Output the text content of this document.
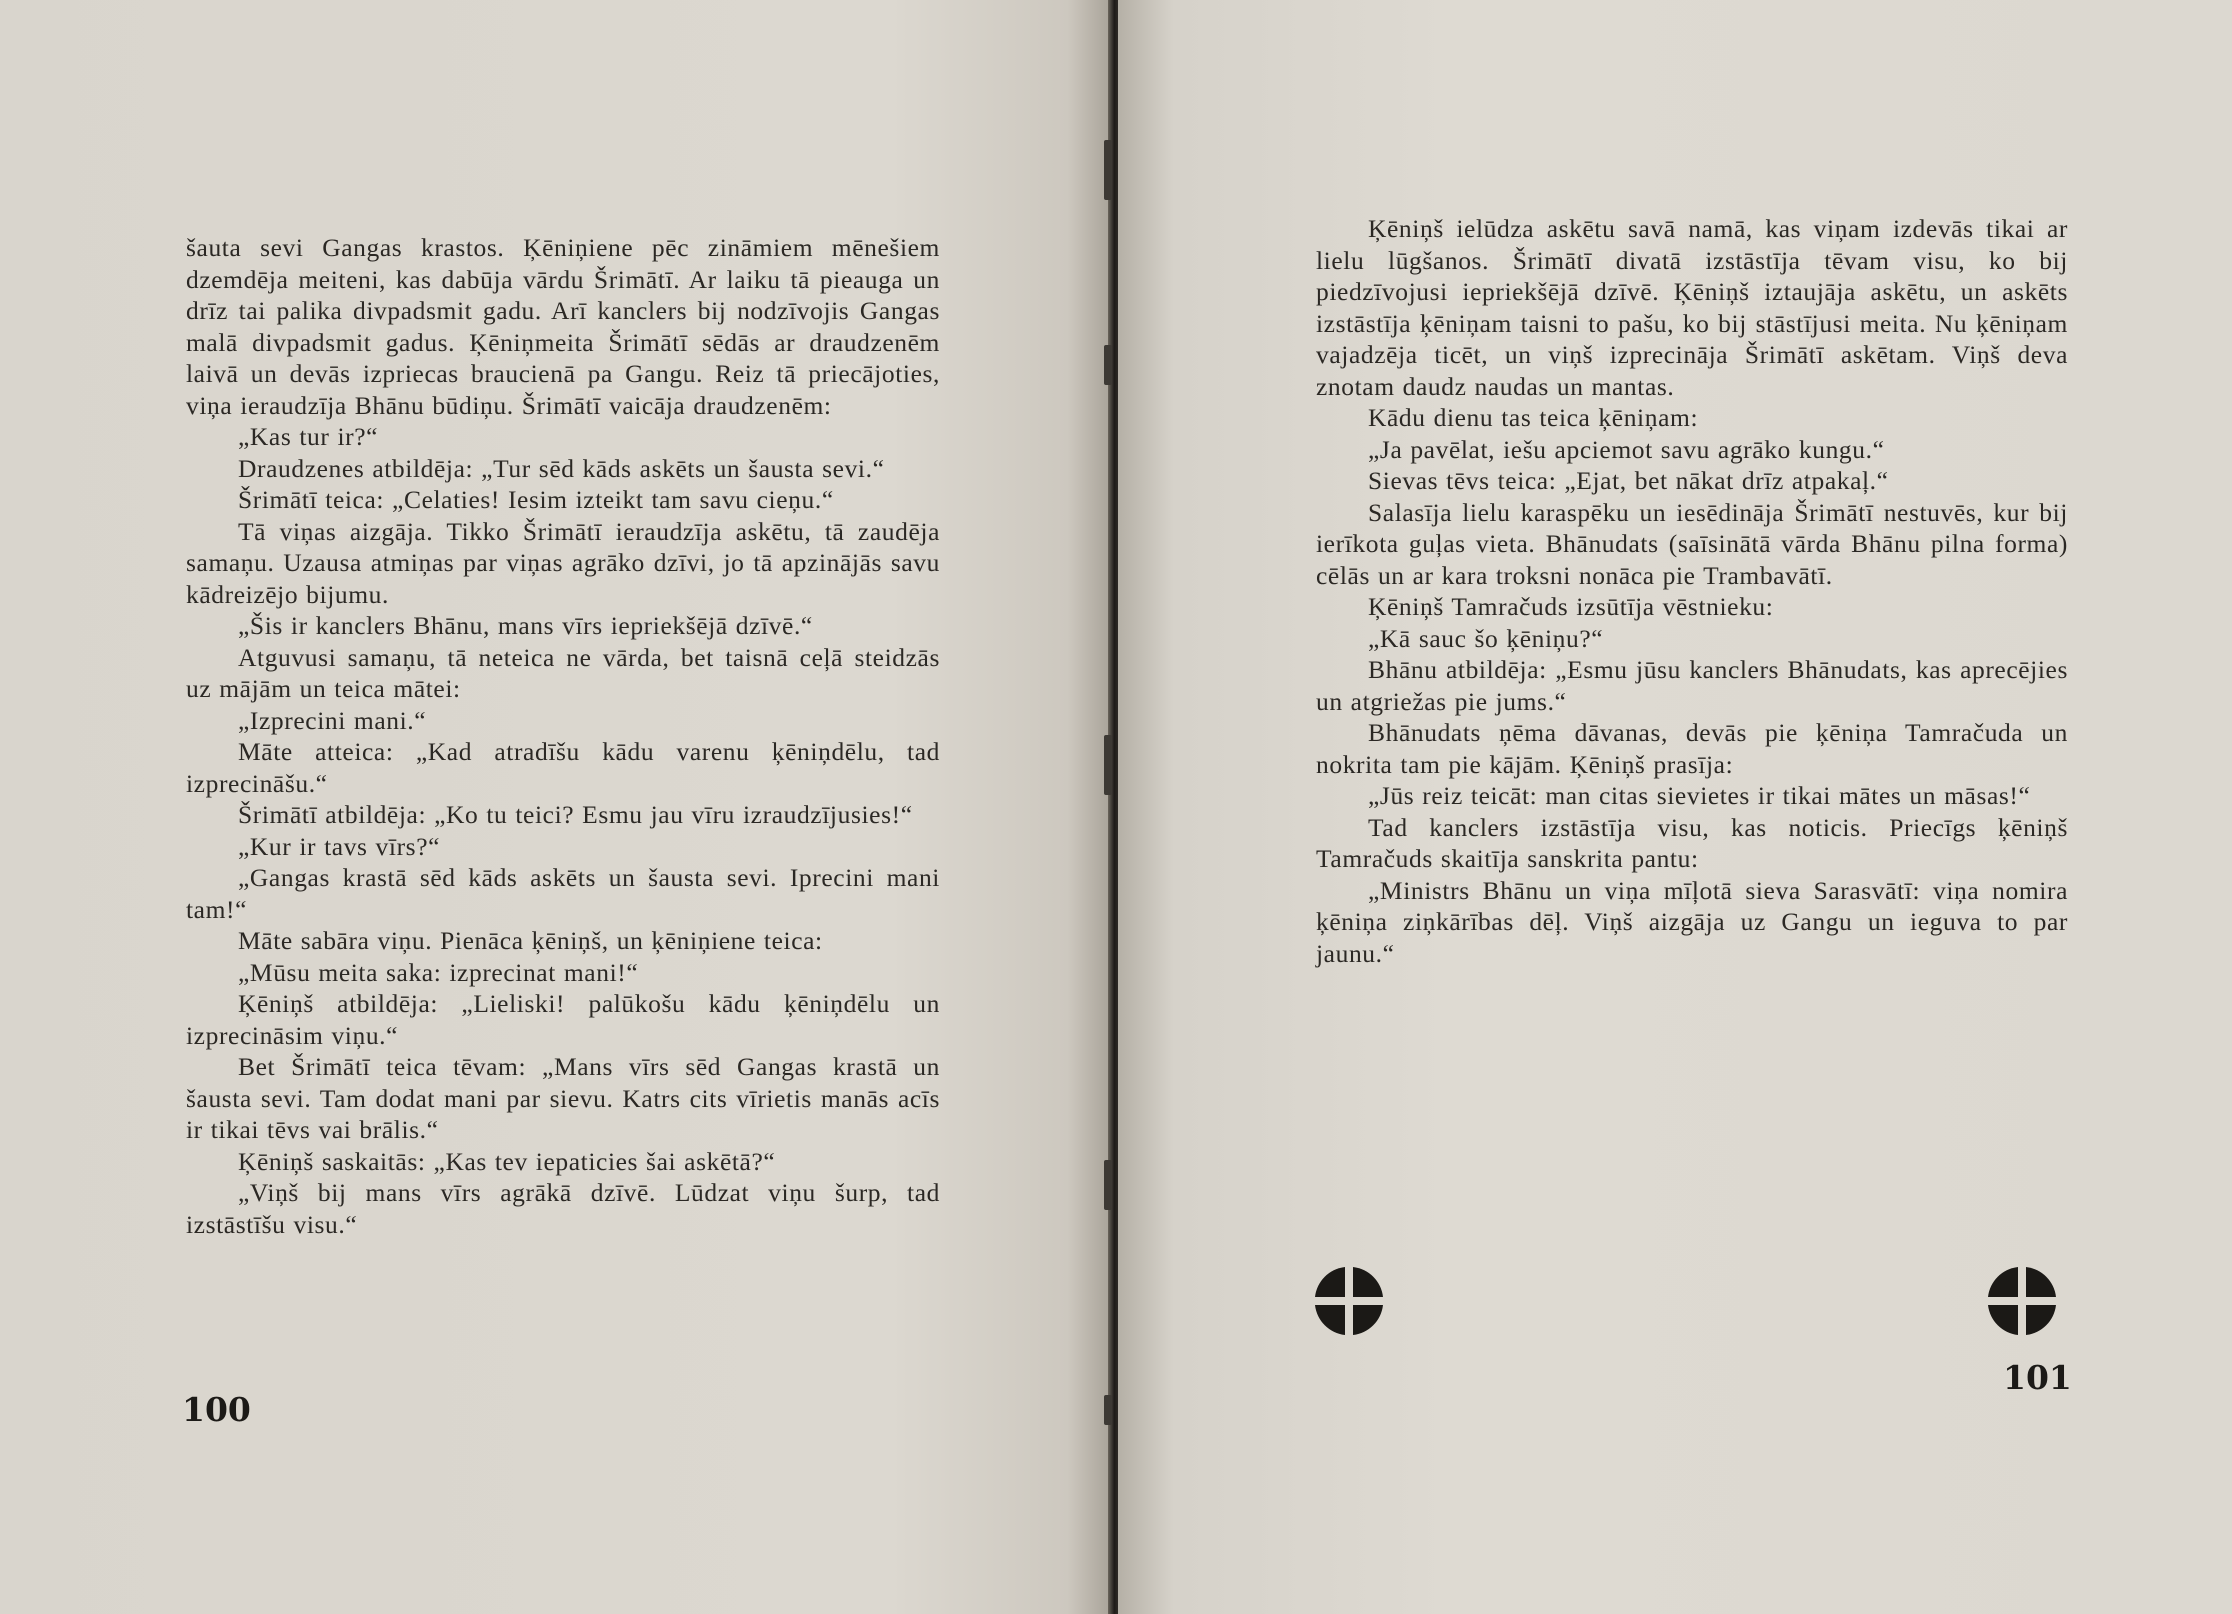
šauta sevi Gangas krastos. Ķēniņiene pēc zināmiem mēnešiem dzemdēja meiteni, kas dabūja vārdu Šrimātī. Ar laiku tā pieauga un drīz tai palika divpadsmit gadu. Arī kanclers bij nodzīvojis Gangas malā divpadsmit gadus. Ķēniņmeita Šrimātī sēdās ar draudzenēm laivā un devās izpriecas braucienā pa Gangu. Reiz tā priecājoties, viņa ieraudzīja Bhānu būdiņu. Šrimātī vaicāja draudzenēm:

„Kas tur ir?“

Draudzenes atbildēja: „Tur sēd kāds askēts un šausta sevi.“

Šrimātī teica: „Celaties! Iesim izteikt tam savu cieņu.“

Tā viņas aizgāja. Tikko Šrimātī ieraudzīja askētu, tā zaudēja samaņu. Uzausa atmiņas par viņas agrāko dzīvi, jo tā apzinājās savu kādreizējo bijumu.

„Šis ir kanclers Bhānu, mans vīrs iepriekšējā dzīvē.“

Atguvusi samaņu, tā neteica ne vārda, bet taisnā ceļā steidzās uz mājām un teica mātei:

„Izprecini mani.“

Māte atteica: „Kad atradīšu kādu varenu ķēniņdēlu, tad izprecināšu.“

Šrimātī atbildēja: „Ko tu teici? Esmu jau vīru izraudzījusies!“

„Kur ir tavs vīrs?“

„Gangas krastā sēd kāds askēts un šausta sevi. Iprecini mani tam!“

Māte sabāra viņu. Pienāca ķēniņš, un ķēniņiene teica:

„Mūsu meita saka: izprecinat mani!“

Ķēniņš atbildēja: „Lieliski! palūkošu kādu ķēniņdēlu un izprecināsim viņu.“

Bet Šrimātī teica tēvam: „Mans vīrs sēd Gangas krastā un šausta sevi. Tam dodat mani par sievu. Katrs cits vīrietis manās acīs ir tikai tēvs vai brālis.“

Ķēniņš saskaitās: „Kas tev iepaticies šai askētā?“

„Viņš bij mans vīrs agrākā dzīvē. Lūdzat viņu šurp, tad izstāstīšu visu.“

100

Ķēniņš ielūdza askētu savā namā, kas viņam izdevās tikai ar lielu lūgšanos. Šrimātī divatā izstāstīja tēvam visu, ko bij piedzīvojusi iepriekšējā dzīvē. Ķēniņš iztaujāja askētu, un askēts izstāstīja ķēniņam taisni to pašu, ko bij stāstījusi meita. Nu ķēniņam vajadzēja ticēt, un viņš izprecināja Šrimātī askētam. Viņš deva znotam daudz naudas un mantas.

Kādu dienu tas teica ķēniņam:

„Ja pavēlat, iešu apciemot savu agrāko kungu.“

Sievas tēvs teica: „Ejat, bet nākat drīz atpakaļ.“

Salasīja lielu karaspēku un iesēdināja Šrimātī nestuvēs, kur bij ierīkota guļas vieta. Bhānudats (saīsinātā vārda Bhānu pilna forma) cēlās un ar kara troksni nonāca pie Trambavātī.

Ķēniņš Tamračuds izsūtīja vēstnieku:

„Kā sauc šo ķēniņu?“

Bhānu atbildēja: „Esmu jūsu kanclers Bhānudats, kas aprecējies un atgriežas pie jums.“

Bhānudats ņēma dāvanas, devās pie ķēniņa Tamračuda un nokrita tam pie kājām. Ķēniņš prasīja:

„Jūs reiz teicāt: man citas sievietes ir tikai mātes un māsas!“

Tad kanclers izstāstīja visu, kas noticis. Priecīgs ķēniņš Tamračuds skaitīja sanskrita pantu:

„Ministrs Bhānu un viņa mīļotā sieva Sarasvātī: viņa nomira ķēniņa ziņkārības dēļ. Viņš aizgāja uz Gangu un ieguva to par jaunu.“

101
